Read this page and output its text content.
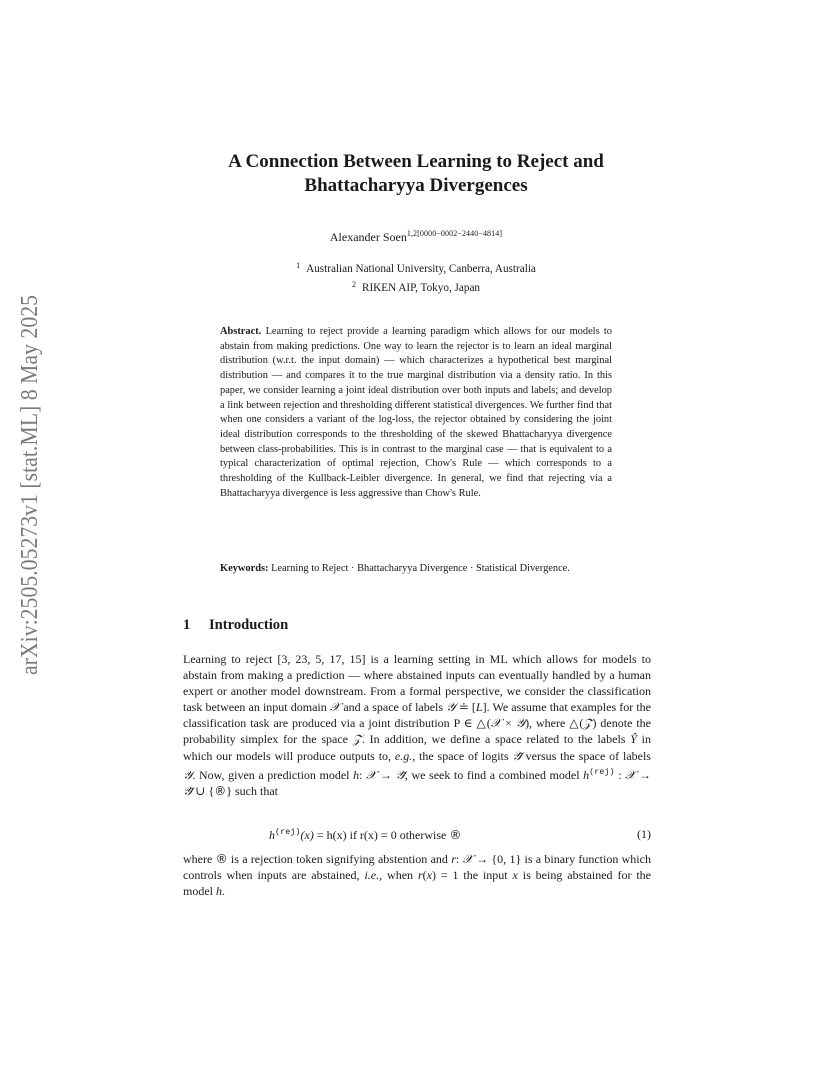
arXiv:2505.05273v1 [stat.ML] 8 May 2025
A Connection Between Learning to Reject and
Bhattacharyya Divergences
Alexander Soen$^{1,2[0000-0002-2440-4814]}$
$^1$ Australian National University, Canberra, Australia
$^2$ RIKEN AIP, Tokyo, Japan
Abstract. Learning to reject provide a learning paradigm which allows for our models to abstain from making predictions. One way to learn the rejector is to learn an ideal marginal distribution (w.r.t. the input domain) — which characterizes a hypothetical best marginal distribution — and compares it to the true marginal distribution via a density ratio. In this paper, we consider learning a joint ideal distribution over both inputs and labels; and develop a link between rejection and thresholding different statistical divergences. We further find that when one considers a variant of the log-loss, the rejector obtained by considering the joint ideal distribution corresponds to the thresholding of the skewed Bhattacharyya divergence between class-probabilities. This is in contrast to the marginal case — that is equivalent to a typical characterization of optimal rejection, Chow's Rule — which corresponds to a thresholding of the Kullback-Leibler divergence. In general, we find that rejecting via a Bhattacharyya divergence is less aggressive than Chow's Rule.
Keywords: Learning to Reject · Bhattacharyya Divergence · Statistical Divergence.
1 Introduction
Learning to reject [3, 23, 5, 17, 15] is a learning setting in ML which allows for models to abstain from making a prediction — where abstained inputs can eventually handled by a human expert or another model downstream. From a formal perspective, we consider the classification task between an input domain 𝒳 and a space of labels 𝒴 ≐ [L]. We assume that examples for the classification task are produced via a joint distribution P ∈ △(𝒳 × 𝒴), where △(𝒵) denote the probability simplex for the space 𝒵. In addition, we define a space related to the labels Ŷ in which our models will produce outputs to, e.g., the space of logits 𝒴̃ versus the space of labels 𝒴. Now, given a prediction model h: 𝒳 → 𝒴̃, we seek to find a combined model $h^{(rej)}$ : 𝒳 → 𝒴̃ ∪ {®} such that
$h^{(rej)}(x) = h(x)$ if r(x) = 0 otherwise ®	(1)
where ® is a rejection token signifying abstention and r: 𝒳 → {0, 1} is a binary function which controls when inputs are abstained, i.e., when r(x) = 1 the input x is being abstained for the model h.
